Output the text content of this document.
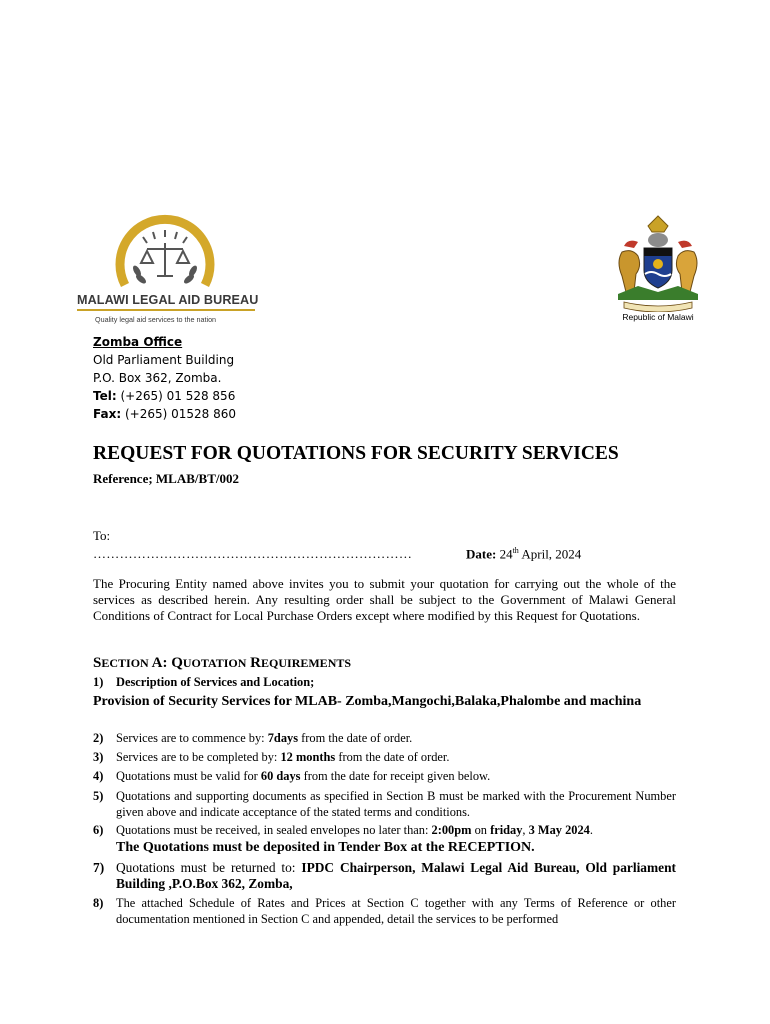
MALAWI LEGAL AID BUREAU
Quality legal aid services to the nation	Republic of Malawi
Zomba Office
Old Parliament Building
P.O. Box 362, Zomba.
Tel: (+265) 01 528 856
Fax: (+265) 01528 860
REQUEST FOR QUOTATIONS FOR SECURITY SERVICES
Reference; MLAB/BT/002
To:
………………………………………………………………	Date: 24th April, 2024
The Procuring Entity named above invites you to submit your quotation for carrying out the whole of the services as described herein. Any resulting order shall be subject to the Government of Malawi General Conditions of Contract for Local Purchase Orders except where modified by this Request for Quotations.
SECTION A: QUOTATION REQUIREMENTS
1) Description of Services and Location;
Provision of Security Services for MLAB- Zomba,Mangochi,Balaka,Phalombe and machina
2) Services are to commence by: 7days from the date of order.
3) Services are to be completed by: 12 months from the date of order.
4) Quotations must be valid for 60 days from the date for receipt given below.
5) Quotations and supporting documents as specified in Section B must be marked with the Procurement Number given above and indicate acceptance of the stated terms and conditions.
6) Quotations must be received, in sealed envelopes no later than: 2:00pm on friday, 3 May 2024.
The Quotations must be deposited in Tender Box at the RECEPTION.
7) Quotations must be returned to: IPDC Chairperson, Malawi Legal Aid Bureau, Old parliament Building ,P.O.Box 362, Zomba,
8) The attached Schedule of Rates and Prices at Section C together with any Terms of Reference or other documentation mentioned in Section C and appended, detail the services to be performed
